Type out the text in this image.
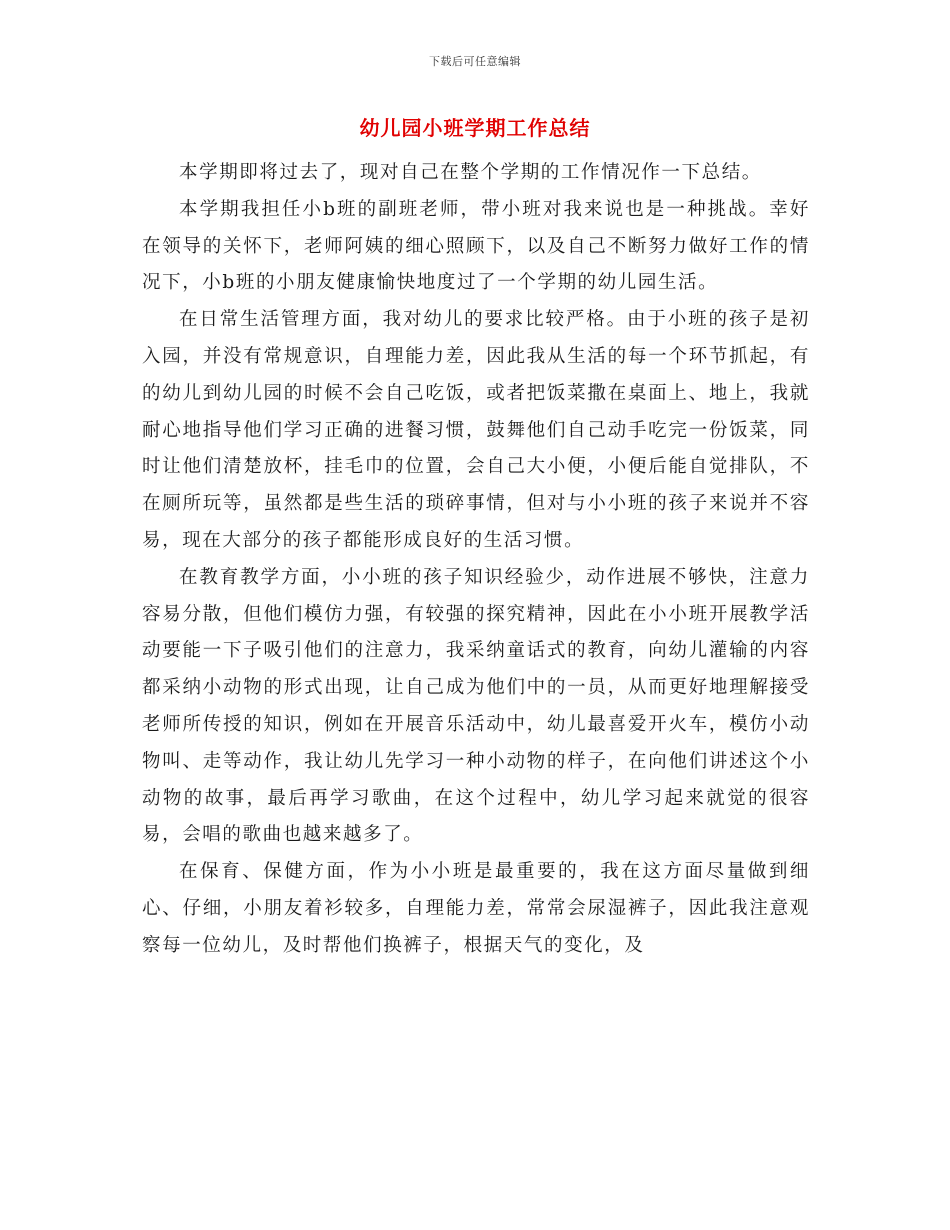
下载后可任意编辑
幼儿园小班学期工作总结

本学期即将过去了，现对自己在整个学期的工作情况作一下总结。

本学期我担任小b班的副班老师，带小班对我来说也是一种挑战。幸好在领导的关怀下，老师阿姨的细心照顾下，以及自己不断努力做好工作的情况下，小b班的小朋友健康愉快地度过了一个学期的幼儿园生活。

在日常生活管理方面，我对幼儿的要求比较严格。由于小班的孩子是初入园，并没有常规意识，自理能力差，因此我从生活的每一个环节抓起，有的幼儿到幼儿园的时候不会自己吃饭，或者把饭菜撒在桌面上、地上，我就耐心地指导他们学习正确的进餐习惯，鼓舞他们自己动手吃完一份饭菜，同时让他们清楚放杯，挂毛巾的位置，会自己大小便，小便后能自觉排队，不在厕所玩等，虽然都是些生活的琐碎事情，但对与小小班的孩子来说并不容易，现在大部分的孩子都能形成良好的生活习惯。

在教育教学方面，小小班的孩子知识经验少，动作进展不够快，注意力容易分散，但他们模仿力强，有较强的探究精神，因此在小小班开展教学活动要能一下子吸引他们的注意力，我采纳童话式的教育，向幼儿灌输的内容都采纳小动物的形式出现，让自己成为他们中的一员，从而更好地理解接受老师所传授的知识，例如在开展音乐活动中，幼儿最喜爱开火车，模仿小动物叫、走等动作，我让幼儿先学习一种小动物的样子，在向他们讲述这个小动物的故事，最后再学习歌曲，在这个过程中，幼儿学习起来就觉的很容易，会唱的歌曲也越来越多了。

在保育、保健方面，作为小小班是最重要的，我在这方面尽量做到细心、仔细，小朋友着衫较多，自理能力差，常常会尿湿裤子，因此我注意观察每一位幼儿，及时帮他们换裤子，根据天气的变化，及
